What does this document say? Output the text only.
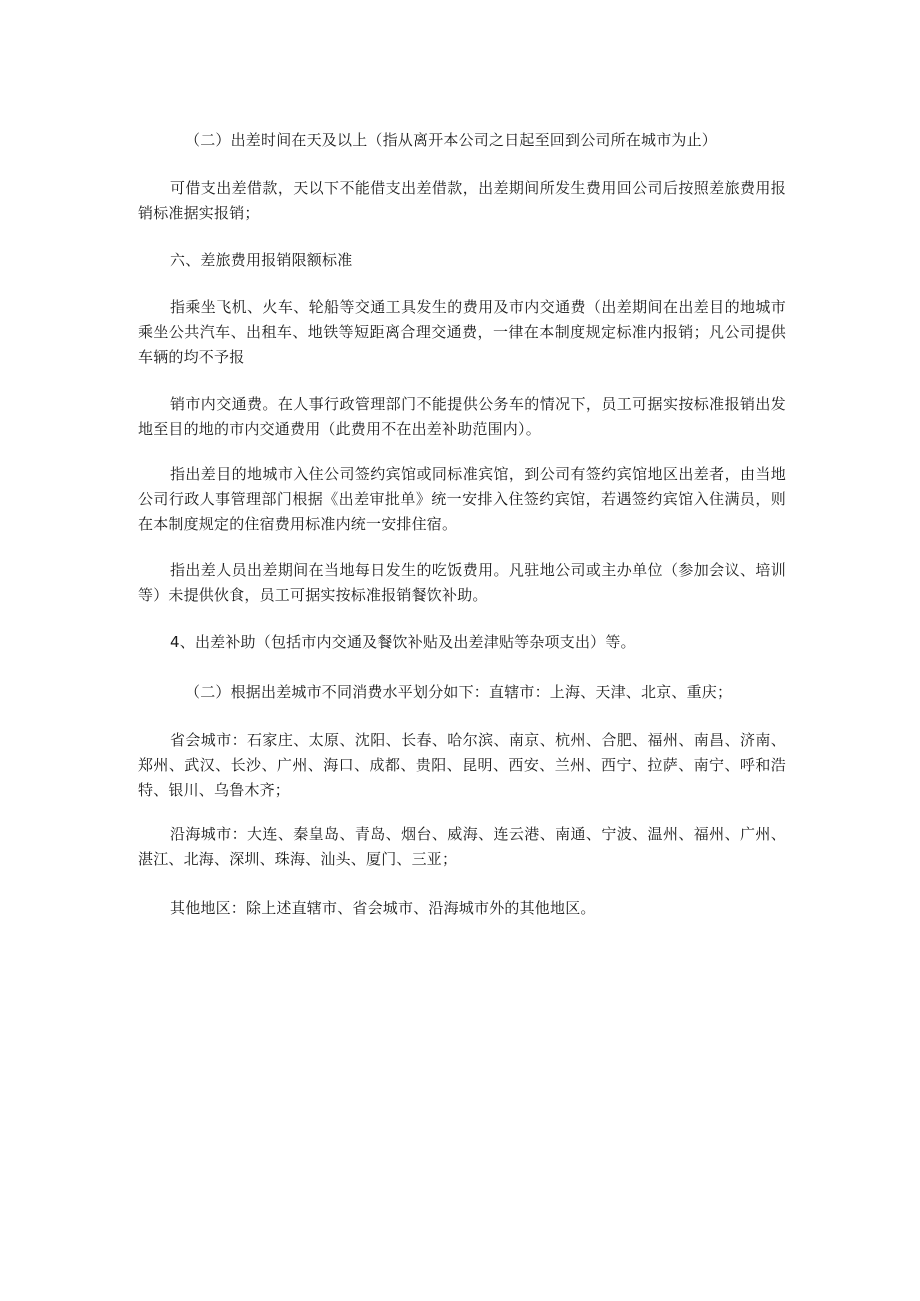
（二）出差时间在天及以上（指从离开本公司之日起至回到公司所在城市为止）

可借支出差借款，天以下不能借支出差借款，出差期间所发生费用回公司后按照差旅费用报销标准据实报销；

六、差旅费用报销限额标准

指乘坐飞机、火车、轮船等交通工具发生的费用及市内交通费（出差期间在出差目的地城市乘坐公共汽车、出租车、地铁等短距离合理交通费，一律在本制度规定标准内报销；凡公司提供车辆的均不予报

销市内交通费。在人事行政管理部门不能提供公务车的情况下，员工可据实按标准报销出发地至目的地的市内交通费用（此费用不在出差补助范围内）。

指出差目的地城市入住公司签约宾馆或同标准宾馆，到公司有签约宾馆地区出差者，由当地公司行政人事管理部门根据《出差审批单》统一安排入住签约宾馆，若遇签约宾馆入住满员，则在本制度规定的住宿费用标准内统一安排住宿。

指出差人员出差期间在当地每日发生的吃饭费用。凡驻地公司或主办单位（参加会议、培训等）未提供伙食，员工可据实按标准报销餐饮补助。

4、出差补助（包括市内交通及餐饮补贴及出差津贴等杂项支出）等。

（二）根据出差城市不同消费水平划分如下：直辖市：上海、天津、北京、重庆；

省会城市：石家庄、太原、沈阳、长春、哈尔滨、南京、杭州、合肥、福州、南昌、济南、郑州、武汉、长沙、广州、海口、成都、贵阳、昆明、西安、兰州、西宁、拉萨、南宁、呼和浩特、银川、乌鲁木齐；

沿海城市：大连、秦皇岛、青岛、烟台、威海、连云港、南通、宁波、温州、福州、广州、湛江、北海、深圳、珠海、汕头、厦门、三亚；

其他地区：除上述直辖市、省会城市、沿海城市外的其他地区。
